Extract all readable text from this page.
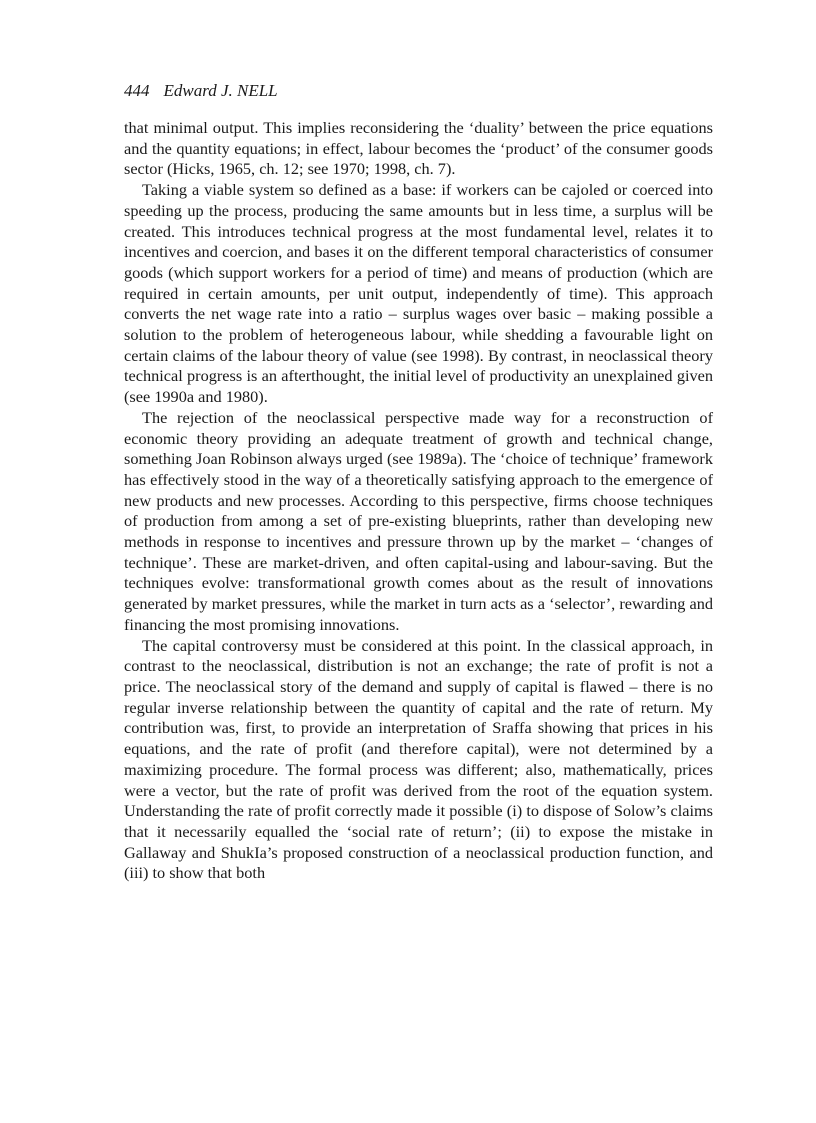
444 Edward J. NELL

that minimal output. This implies reconsidering the ‘duality’ between the price equations and the quantity equations; in effect, labour becomes the ‘product’ of the consumer goods sector (Hicks, 1965, ch. 12; see 1970; 1998, ch. 7).

Taking a viable system so defined as a base: if workers can be cajoled or coerced into speeding up the process, producing the same amounts but in less time, a surplus will be created. This introduces technical progress at the most fundamental level, relates it to incentives and coercion, and bases it on the different temporal characteristics of consumer goods (which support workers for a period of time) and means of production (which are required in certain amounts, per unit output, independently of time). This approach converts the net wage rate into a ratio – surplus wages over basic – making possible a solution to the problem of heterogeneous labour, while shedding a favourable light on certain claims of the labour theory of value (see 1998). By contrast, in neoclassical theory technical progress is an afterthought, the initial level of productivity an unexplained given (see 1990a and 1980).

The rejection of the neoclassical perspective made way for a reconstruction of economic theory providing an adequate treatment of growth and technical change, something Joan Robinson always urged (see 1989a). The ‘choice of technique’ framework has effectively stood in the way of a theoretically satisfying approach to the emergence of new products and new processes. According to this perspective, firms choose techniques of production from among a set of pre-existing blueprints, rather than developing new methods in response to incentives and pressure thrown up by the market – ‘changes of technique’. These are market-driven, and often capital-using and labour-saving. But the techniques evolve: transformational growth comes about as the result of innovations generated by market pressures, while the market in turn acts as a ‘selector’, rewarding and financing the most promising innovations.

The capital controversy must be considered at this point. In the classical approach, in contrast to the neoclassical, distribution is not an exchange; the rate of profit is not a price. The neoclassical story of the demand and supply of capital is flawed – there is no regular inverse relationship between the quantity of capital and the rate of return. My contribution was, first, to provide an interpretation of Sraffa showing that prices in his equations, and the rate of profit (and therefore capital), were not determined by a maximizing procedure. The formal process was different; also, mathematically, prices were a vector, but the rate of profit was derived from the root of the equation system. Understanding the rate of profit correctly made it possible (i) to dispose of Solow’s claims that it necessarily equalled the ‘social rate of return’; (ii) to expose the mistake in Gallaway and ShukIa’s proposed construction of a neoclassical production function, and (iii) to show that both
